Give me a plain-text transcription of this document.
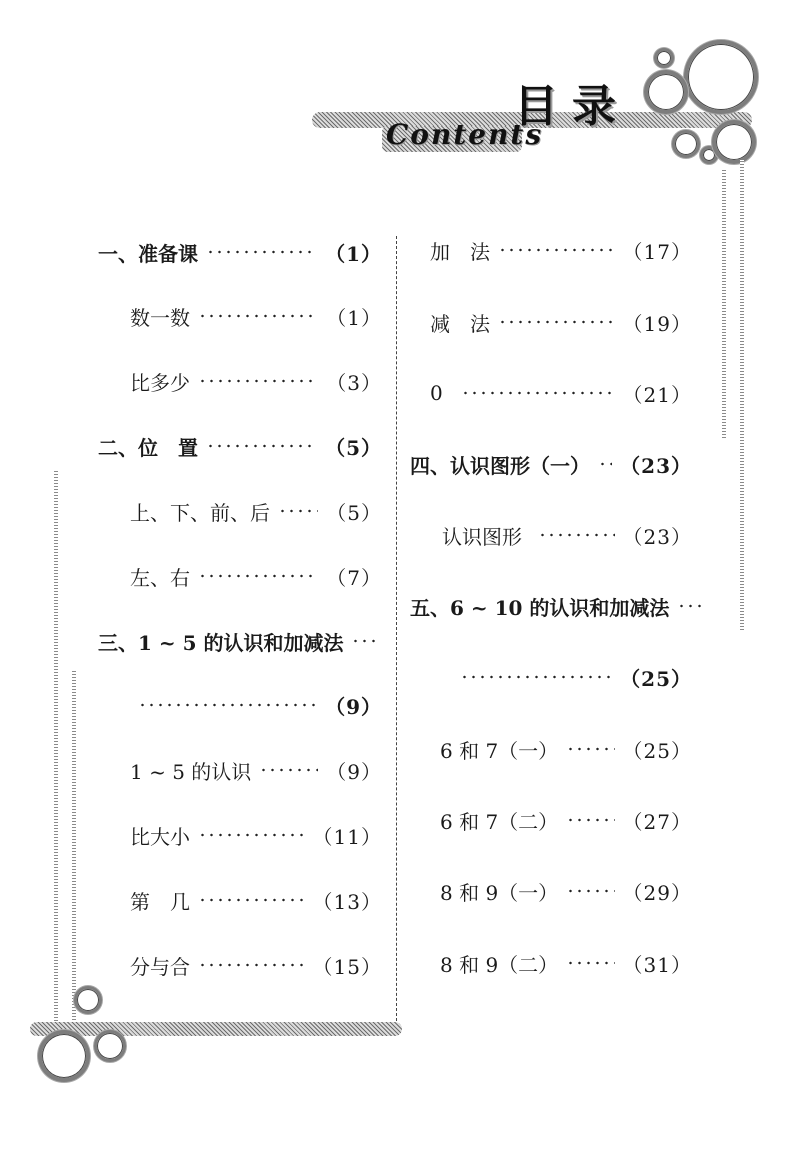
目录
Contents
一、准备课	（1）
数一数	（1）
比多少	（3）
二、位　置	（5）
上、下、前、后	（5）
左、右	（7）
三、1 ~ 5 的认识和加减法
（9）
1 ~ 5 的认识	（9）
比大小	（11）
第　几	（13）
分与合	（15）
加　法	（17）
减　法	（19）
0	（21）
四、认识图形（一） （23）
认识图形	（23）
五、6 ~ 10 的认识和加减法
（25）
6 和 7（一）	（25）
6 和 7（二）	（27）
8 和 9（一）	（29）
8 和 9（二）	（31）
